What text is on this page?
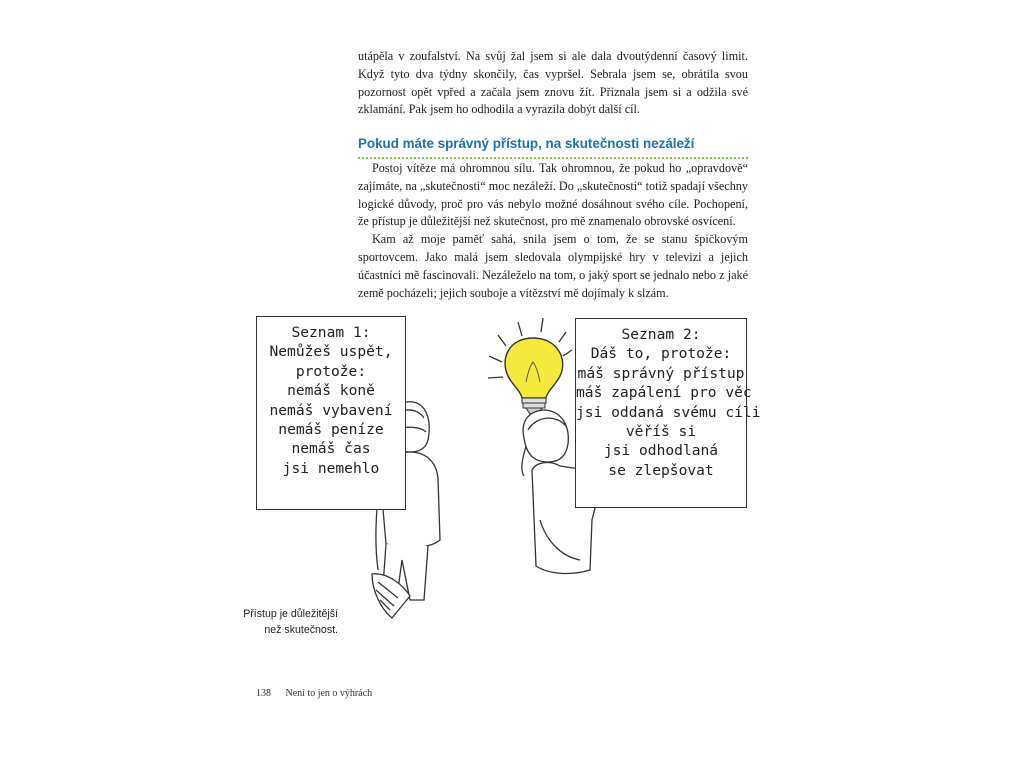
utápěla v zoufalství. Na svůj žal jsem si ale dala dvoutýdenní časový limit. Když tyto dva týdny skončily, čas vypršel. Sebrala jsem se, obrátila svou pozornost opět vpřed a začala jsem znovu žít. Přiznala jsem si a odžila své zklamání. Pak jsem ho odhodila a vyrazila dobýt další cíl.

Pokud máte správný přístup, na skutečnosti nezáleží

Postoj vítěze má ohromnou sílu. Tak ohromnou, že pokud ho „opravdově“ zajímáte, na „skutečnosti“ moc nezáleží. Do „skutečnosti“ totiž spadají všechny logické důvody, proč pro vás nebylo možné dosáhnout svého cíle. Pochopení, že přístup je důležitější než skutečnost, pro mě znamenalo obrovské osvícení.

Kam až moje paměť sahá, snila jsem o tom, že se stanu špičkovým sportovcem. Jako malá jsem sledovala olympijské hry v televizi a jejich účastníci mě fascinovali. Nezáleželo na tom, o jaký sport se jednalo nebo z jaké země pocházeli; jejich souboje a vítězství mě dojímaly k slzám.

Seznam 1:
Nemůžeš uspět,
protože:
nemáš koně
nemáš vybavení
nemáš peníze
nemáš čas
jsi nemehlo
Seznam 2:
Dáš to, protože:
máš správný přístup
máš zapálení pro věc
jsi oddaná svému cíli
věříš si
jsi odhodlaná
se zlepšovat
Přístup je důležitější než skutečnost.
138 Není to jen o výhrách
